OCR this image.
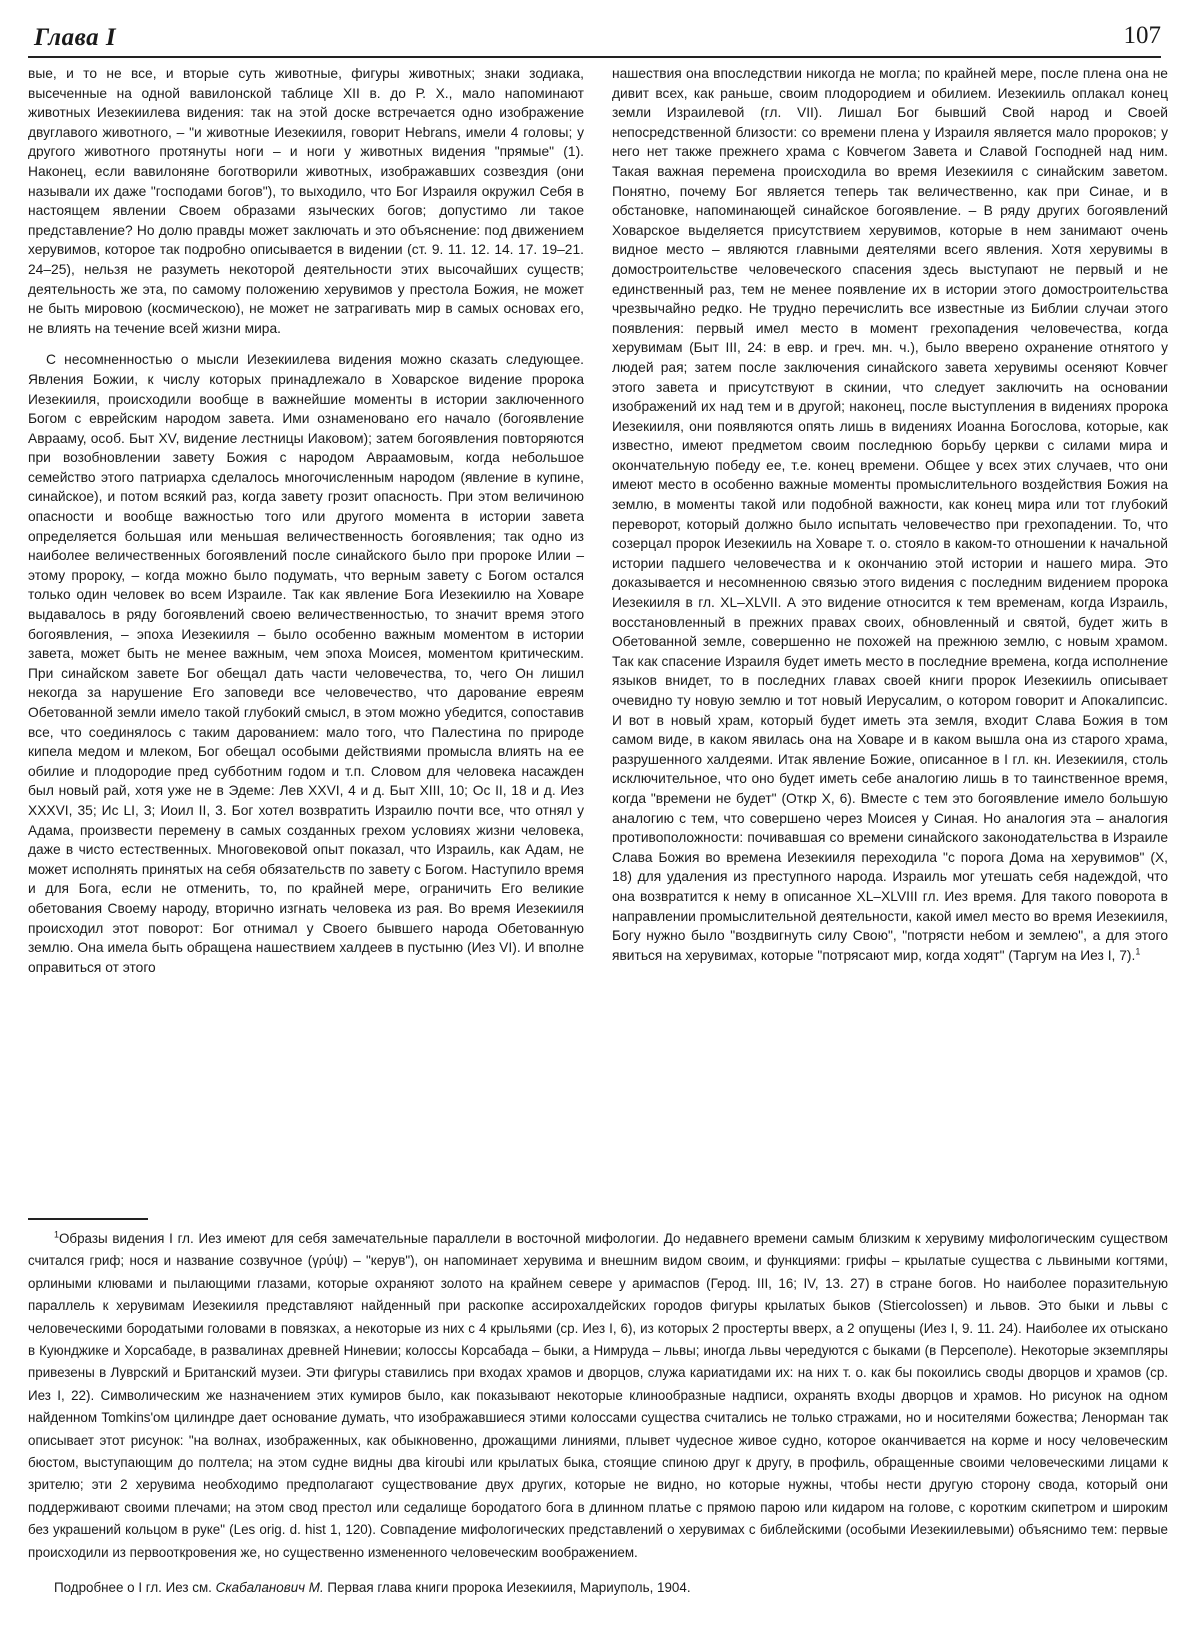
Глава I	107

вые, и то не все, и вторые суть животные, фигуры животных; знаки зодиака, высеченные на одной вавилонской таблице XII в. до Р. Х., мало напоминают животных Иезекиилева видения: так на этой доске встречается одно изображение двуглавого животного, – "и животные Иезекииля, говорит Hebrans, имели 4 головы; у другого животного протянуты ноги – и ноги у животных видения "прямые" (1). Наконец, если вавилоняне боготворили животных, изображавших созвездия (они называли их даже "господами богов"), то выходило, что Бог Израиля окружил Себя в настоящем явлении Своем образами языческих богов; допустимо ли такое представление? Но долю правды может заключать и это объяснение: под движением херувимов, которое так подробно описывается в видении (ст. 9. 11. 12. 14. 17. 19–21. 24–25), нельзя не разуметь некоторой деятельности этих высочайших существ; деятельность же эта, по самому положению херувимов у престола Божия, не может не быть мировою (космическою), не может не затрагивать мир в самых основах его, не влиять на течение всей жизни мира.

С несомненностью о мысли Иезекиилева видения можно сказать следующее. Явления Божии, к числу которых принадлежало в Ховарское видение пророка Иезекииля, происходили вообще в важнейшие моменты в истории заключенного Богом с еврейским народом завета. Ими ознаменовано его начало (богоявление Аврааму, особ. Быт XV, видение лестницы Иаковом); затем богоявления повторяются при возобновлении завету Божия с народом Авраамовым, когда небольшое семейство этого патриарха сделалось многочисленным народом (явление в купине, синайское), и потом всякий раз, когда завету грозит опасность. При этом величиною опасности и вообще важностью того или другого момента в истории завета определяется большая или меньшая величественность богоявления; так одно из наиболее величественных богоявлений после синайского было при пророке Илии – этому пророку, – когда можно было подумать, что верным завету с Богом остался только один человек во всем Израиле. Так как явление Бога Иезекиилю на Ховаре выдавалось в ряду богоявлений своею величественностью, то значит время этого богоявления, – эпоха Иезекииля – было особенно важным моментом в истории завета, может быть не менее важным, чем эпоха Моисея, моментом критическим. При синайском завете Бог обещал дать части человечества, то, чего Он лишил некогда за нарушение Его заповеди все человечество, что дарование евреям Обетованной земли имело такой глубокий смысл, в этом можно убедится, сопоставив все, что соединялось с таким дарованием: мало того, что Палестина по природе кипела медом и млеком, Бог обещал особыми действиями промысла влиять на ее обилие и плодородие пред субботним годом и т.п. Словом для человека насажден был новый рай, хотя уже не в Эдеме: Лев XXVI, 4 и д. Быт XIII, 10; Ос II, 18 и д. Иез XXXVI, 35; Ис LI, 3; Иоил II, 3. Бог хотел возвратить Израилю почти все, что отнял у Адама, произвести перемену в самых созданных грехом условиях жизни человека, даже в чисто естественных. Многовековой опыт показал, что Израиль, как Адам, не может исполнять принятых на себя обязательств по завету с Богом. Наступило время и для Бога, если не отменить, то, по крайней мере, ограничить Его великие обетования Своему народу, вторично изгнать человека из рая. Во время Иезекииля происходил этот поворот: Бог отнимал у Своего бывшего народа Обетованную землю. Она имела быть обращена нашествием халдеев в пустыню (Иез VI). И вполне оправиться от этого

нашествия она впоследствии никогда не могла; по крайней мере, после плена она не дивит всех, как раньше, своим плодородием и обилием. Иезекииль оплакал конец земли Израилевой (гл. VII). Лишал Бог бывший Свой народ и Своей непосредственной близости: со времени плена у Израиля является мало пророков; у него нет также прежнего храма с Ковчегом Завета и Славой Господней над ним. Такая важная перемена происходила во время Иезекииля с синайским заветом. Понятно, почему Бог является теперь так величественно, как при Синае, и в обстановке, напоминающей синайское богоявление. – В ряду других богоявлений Ховарское выделяется присутствием херувимов, которые в нем занимают очень видное место – являются главными деятелями всего явления. Хотя херувимы в домостроительстве человеческого спасения здесь выступают не первый и не единственный раз, тем не менее появление их в истории этого домостроительства чрезвычайно редко. Не трудно перечислить все известные из Библии случаи этого появления: первый имел место в момент грехопадения человечества, когда херувимам (Быт III, 24: в евр. и греч. мн. ч.), было вверено охранение отнятого у людей рая; затем после заключения синайского завета херувимы осеняют Ковчег этого завета и присутствуют в скинии, что следует заключить на основании изображений их над тем и в другой; наконец, после выступления в видениях пророка Иезекииля, они появляются опять лишь в видениях Иоанна Богослова, которые, как известно, имеют предметом своим последнюю борьбу церкви с силами мира и окончательную победу ее, т.е. конец времени. Общее у всех этих случаев, что они имеют место в особенно важные моменты промыслительного воздействия Божия на землю, в моменты такой или подобной важности, как конец мира или тот глубокий переворот, который должно было испытать человечество при грехопадении. То, что созерцал пророк Иезекииль на Ховаре т. о. стояло в каком-то отношении к начальной истории падшего человечества и к окончанию этой истории и нашего мира. Это доказывается и несомненною связью этого видения с последним видением пророка Иезекииля в гл. XL–XLVII. А это видение относится к тем временам, когда Израиль, восстановленный в прежних правах своих, обновленный и святой, будет жить в Обетованной земле, совершенно не похожей на прежнюю землю, с новым храмом. Так как спасение Израиля будет иметь место в последние времена, когда исполнение языков внидет, то в последних главах своей книги пророк Иезекииль описывает очевидно ту новую землю и тот новый Иерусалим, о котором говорит и Апокалипсис. И вот в новый храм, который будет иметь эта земля, входит Слава Божия в том самом виде, в каком явилась она на Ховаре и в каком вышла она из старого храма, разрушенного халдеями. Итак явление Божие, описанное в I гл. кн. Иезекииля, столь исключительное, что оно будет иметь себе аналогию лишь в то таинственное время, когда "времени не будет" (Откр X, 6). Вместе с тем это богоявление имело большую аналогию с тем, что совершено через Моисея у Синая. Но аналогия эта – аналогия противоположности: почивавшая со времени синайского законодательства в Израиле Слава Божия во времена Иезекииля переходила "с порога Дома на херувимов" (X, 18) для удаления из преступного народа. Израиль мог утешать себя надеждой, что она возвратится к нему в описанное XL–XLVIII гл. Иез время. Для такого поворота в направлении промыслительной деятельности, какой имел место во время Иезекииля, Богу нужно было "воздвигнуть силу Свою", "потрясти небом и землею", а для этого явиться на херувимах, которые "потрясают мир, когда ходят" (Таргум на Иез I, 7).$^1$

$^1$Образы видения I гл. Иез имеют для себя замечательные параллели в восточной мифологии. До недавнего времени самым близким к херувиму мифологическим существом считался гриф; нося и название созвучное (γρύψ) – "керув"), он напоминает херувима и внешним видом своим, и функциями: грифы – крылатые существа с львиными когтями, орлиными клювами и пылающими глазами, которые охраняют золото на крайнем севере у аримаспов (Герод. III, 16; IV, 13. 27) в стране богов. Но наиболее поразительную параллель к херувимам Иезекииля представляют найденный при раскопке ассирохалдейских городов фигуры крылатых быков (Stiercolossen) и львов. Это быки и львы с человеческими бородатыми головами в повязках, а некоторые из них с 4 крыльями (ср. Иез I, 6), из которых 2 простерты вверх, а 2 опущены (Иез I, 9. 11. 24). Наиболее их отыскано в Куюнджике и Хорсабаде, в развалинах древней Ниневии; колоссы Корсабада – быки, а Нимруда – львы; иногда львы чередуются с быками (в Персеполе). Некоторые экземпляры привезены в Луврский и Британский музеи. Эти фигуры ставились при входах храмов и дворцов, служа кариатидами их: на них т. о. как бы покоились своды дворцов и храмов (ср. Иез I, 22). Символическим же назначением этих кумиров было, как показывают некоторые клинообразные надписи, охранять входы дворцов и храмов. Но рисунок на одном найденном Tomkins'ом цилиндре дает основание думать, что изображавшиеся этими колоссами существа считались не только стражами, но и носителями божества; Ленорман так описывает этот рисунок: "на волнах, изображенных, как обыкновенно, дрожащими линиями, плывет чудесное живое судно, которое оканчивается на корме и носу человеческим бюстом, выступающим до полтела; на этом судне видны два kiroubi или крылатых быка, стоящие спиною друг к другу, в профиль, обращенные своими человеческими лицами к зрителю; эти 2 херувима необходимо предполагают существование двух других, которые не видно, но которые нужны, чтобы нести другую сторону свода, который они поддерживают своими плечами; на этом свод престол или седалище бородатого бога в длинном платье с прямою парою или кидаром на голове, с коротким скипетром и широким без украшений кольцом в руке" (Les orig. d. hist 1, 120). Совпадение мифологических представлений о херувимах с библейскими (особыми Иезекиилевыми) объяснимо тем: первые происходили из первооткровения же, но существенно измененного человеческим воображением.
Подробнее о I гл. Иез см. Скабаланович М. Первая глава книги пророка Иезекииля, Мариуполь, 1904.
